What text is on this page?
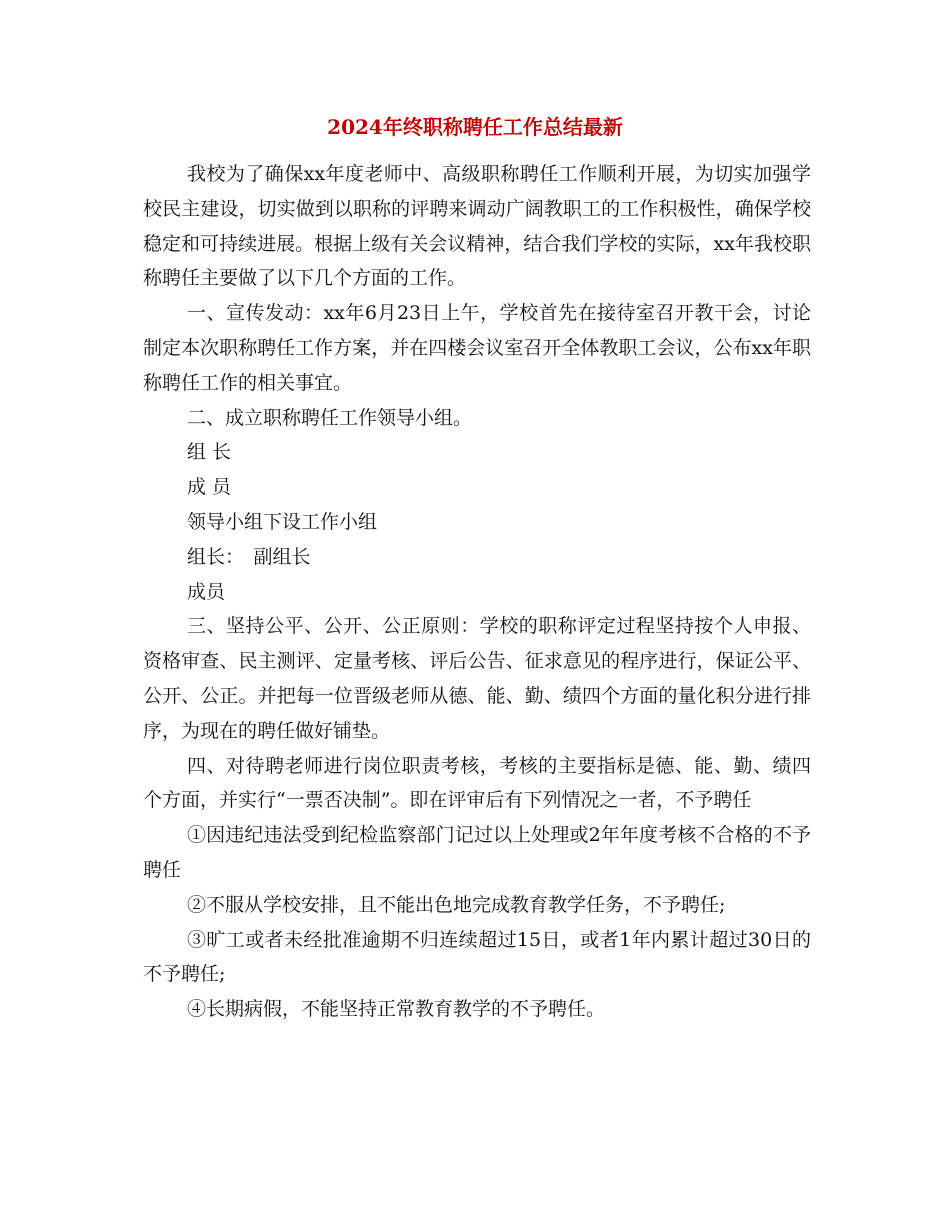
2024年终职称聘任工作总结最新

我校为了确保xx年度老师中、高级职称聘任工作顺利开展，为切实加强学校民主建设，切实做到以职称的评聘来调动广阔教职工的工作积极性，确保学校稳定和可持续进展。根据上级有关会议精神，结合我们学校的实际，xx年我校职称聘任主要做了以下几个方面的工作。

一、宣传发动：xx年6月23日上午，学校首先在接待室召开教干会，讨论制定本次职称聘任工作方案，并在四楼会议室召开全体教职工会议，公布xx年职称聘任工作的相关事宜。

二、成立职称聘任工作领导小组。

组 长

成 员

领导小组下设工作小组

组长：　副组长

成员

三、坚持公平、公开、公正原则：学校的职称评定过程坚持按个人申报、资格审查、民主测评、定量考核、评后公告、征求意见的程序进行，保证公平、公开、公正。并把每一位晋级老师从德、能、勤、绩四个方面的量化积分进行排序，为现在的聘任做好铺垫。

四、对待聘老师进行岗位职责考核，考核的主要指标是德、能、勤、绩四个方面，并实行“一票否决制”。即在评审后有下列情况之一者，不予聘任

①因违纪违法受到纪检监察部门记过以上处理或2年年度考核不合格的不予聘任

②不服从学校安排，且不能出色地完成教育教学任务，不予聘任;

③旷工或者未经批准逾期不归连续超过15日，或者1年内累计超过30日的不予聘任;

④长期病假，不能坚持正常教育教学的不予聘任。
